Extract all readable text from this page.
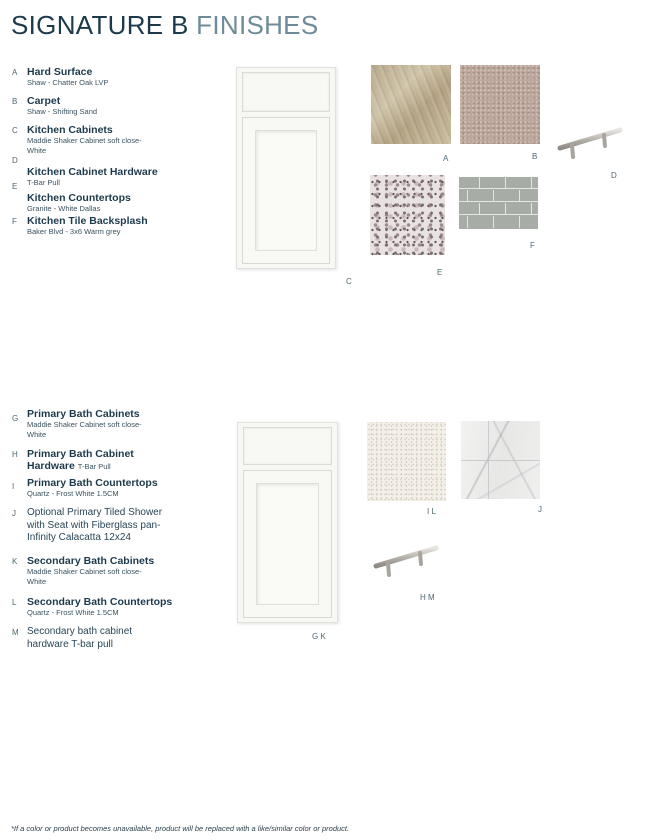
SIGNATURE B FINISHES
A Hard Surface
Shaw - Chatter Oak LVP
B Carpet
Shaw - Shifting Sand
C Kitchen Cabinets
Maddie Shaker Cabinet soft close-
White
D
Kitchen Cabinet Hardware
T-Bar Pull
E
Kitchen Countertops
Granite - White Dallas
F Kitchen Tile Backsplash
Baker Blvd - 3x6 Warm grey
C
A	B
D
E
F
G Primary Bath Cabinets
Maddie Shaker Cabinet soft close-
White
H Primary Bath Cabinet
Hardware T-Bar Pull
I Primary Bath Countertops
Quartz - Frost White 1.5CM
J Optional Primary Tiled Shower
with Seat with Fiberglass pan-
Infinity Calacatta 12x24
K Secondary Bath Cabinets
Maddie Shaker Cabinet soft close-
White
L Secondary Bath Countertops
Quartz - Frost White 1.5CM
M Secondary bath cabinet
hardware T-bar pull
G K
I L	J
H M
*If a color or product becomes unavailable, product will be replaced with a like/similar color or product.
